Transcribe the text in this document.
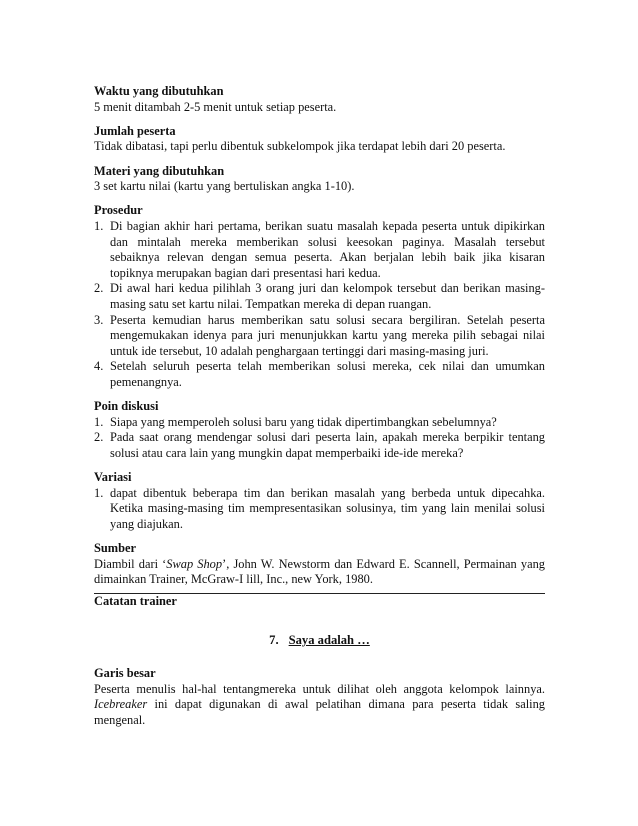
Waktu yang dibutuhkan

5 menit ditambah 2-5 menit untuk setiap peserta.

Jumlah peserta

Tidak dibatasi, tapi perlu dibentuk subkelompok jika terdapat lebih dari 20 peserta.

Materi yang dibutuhkan

3 set kartu nilai (kartu yang bertuliskan angka 1-10).

Prosedur
1. Di bagian akhir hari pertama, berikan suatu masalah kepada peserta untuk dipikirkan dan mintalah mereka memberikan solusi keesokan paginya. Masalah tersebut sebaiknya relevan dengan semua peserta. Akan berjalan lebih baik jika kisaran topiknya merupakan bagian dari presentasi hari kedua.
2. Di awal hari kedua pilihlah 3 orang juri dan kelompok tersebut dan berikan masing-masing satu set kartu nilai. Tempatkan mereka di depan ruangan.
3. Peserta kemudian harus memberikan satu solusi secara bergiliran. Setelah peserta mengemukakan idenya para juri menunjukkan kartu yang mereka pilih sebagai nilai untuk ide tersebut, 10 adalah penghargaan tertinggi dari masing-masing juri.
4. Setelah seluruh peserta telah memberikan solusi mereka, cek nilai dan umumkan pemenangnya.
Poin diskusi
1. Siapa yang memperoleh solusi baru yang tidak dipertimbangkan sebelumnya?
2. Pada saat orang mendengar solusi dari peserta lain, apakah mereka berpikir tentang solusi atau cara lain yang mungkin dapat memperbaiki ide-ide mereka?
Variasi
1. dapat dibentuk beberapa tim dan berikan masalah yang berbeda untuk dipecahka. Ketika masing-masing tim mempresentasikan solusinya, tim yang lain menilai solusi yang diajukan.
Sumber

Diambil dari ‘Swap Shop’, John W. Newstorm dan Edward E. Scannell, Permainan yang dimainkan Trainer, McGraw-I lill, Inc., new York, 1980.

Catatan trainer
7. Saya adalah …
Garis besar

Peserta menulis hal-hal tentangmereka untuk dilihat oleh anggota kelompok lainnya. Icebreaker ini dapat digunakan di awal pelatihan dimana para peserta tidak saling mengenal.
